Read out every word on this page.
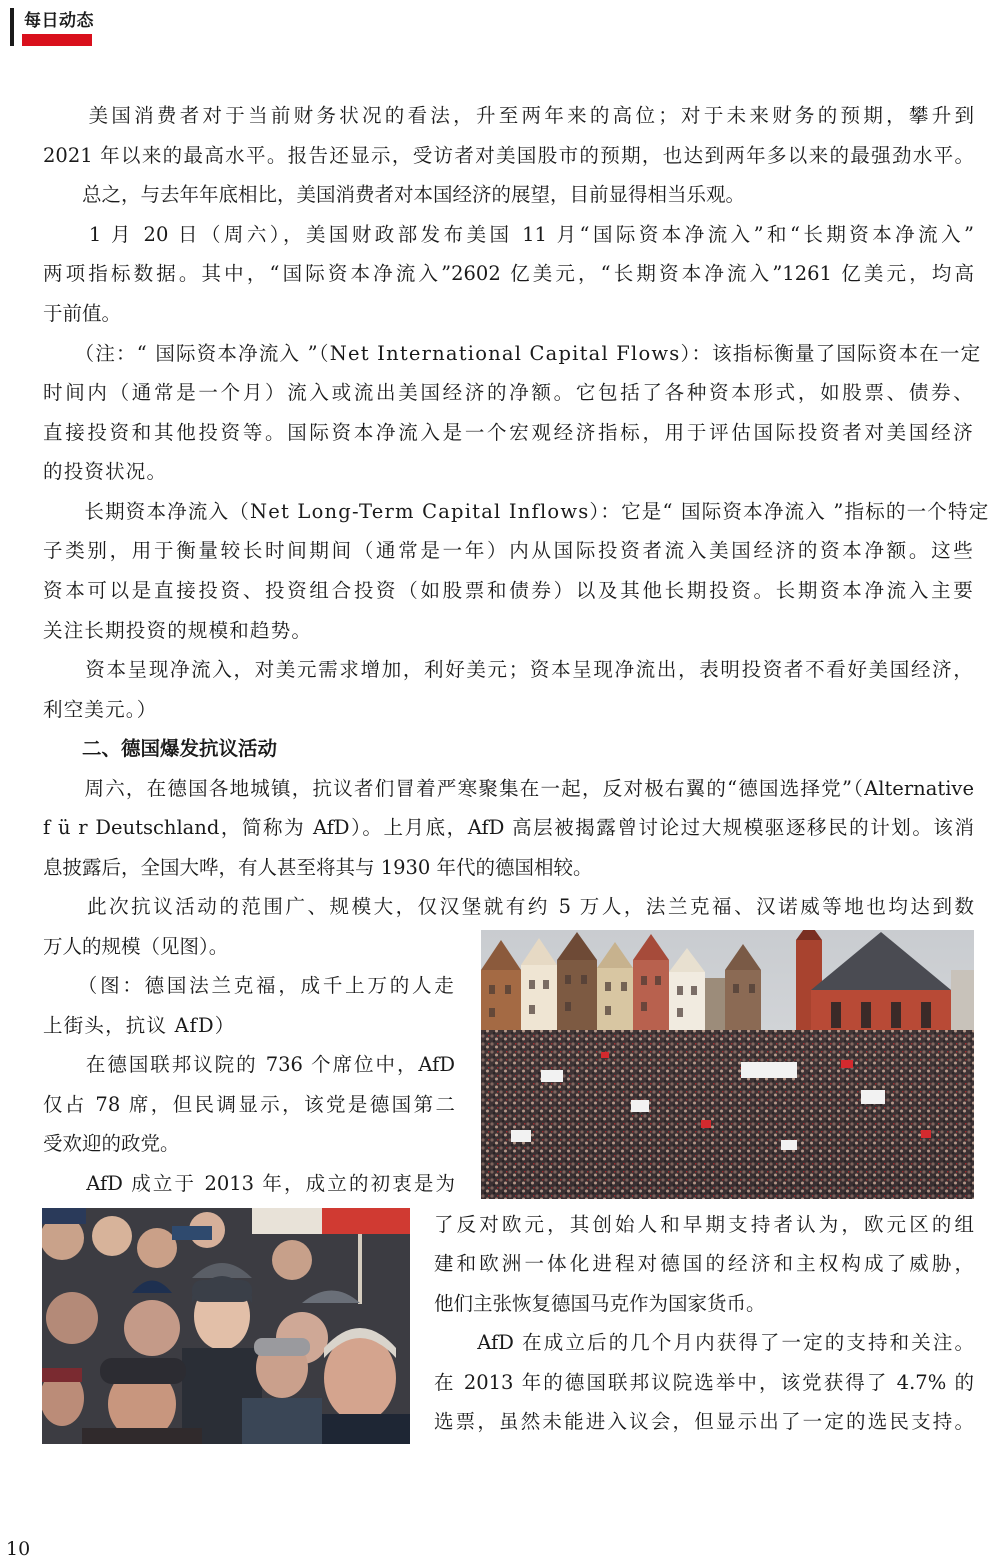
每日动态
　　美国消费者对于当前财务状况的看法，升至两年来的高位；对于未来财务的预期，攀升到
2021 年以来的最高水平。报告还显示，受访者对美国股市的预期，也达到两年多以来的最强劲水平。
　　总之，与去年年底相比，美国消费者对本国经济的展望，目前显得相当乐观。
　　1 月 20 日（周六），美国财政部发布美国 11 月“国际资本净流入”和“长期资本净流入”
两项指标数据。其中，“国际资本净流入”2602 亿美元，“长期资本净流入”1261 亿美元，均高
于前值。
　　（注：“ 国际资本净流入 ”（Net International Capital Flows）：该指标衡量了国际资本在一定
时间内（通常是一个月）流入或流出美国经济的净额。它包括了各种资本形式，如股票、债券、
直接投资和其他投资等。国际资本净流入是一个宏观经济指标，用于评估国际投资者对美国经济
的投资状况。
　　长期资本净流入（Net Long-Term Capital Inflows）：它是“ 国际资本净流入 ”指标的一个特定
子类别，用于衡量较长时间期间（通常是一年）内从国际投资者流入美国经济的资本净额。这些
资本可以是直接投资、投资组合投资（如股票和债券）以及其他长期投资。长期资本净流入主要
关注长期投资的规模和趋势。
　　资本呈现净流入，对美元需求增加，利好美元；资本呈现净流出，表明投资者不看好美国经济，
利空美元。）
　　二、德国爆发抗议活动
　　周六，在德国各地城镇，抗议者们冒着严寒聚集在一起，反对极右翼的“德国选择党”（Alternative
f ü r Deutschland，简称为 AfD）。上月底，AfD 高层被揭露曾讨论过大规模驱逐移民的计划。该消
息披露后，全国大哗，有人甚至将其与 1930 年代的德国相较。
　　此次抗议活动的范围广、规模大，仅汉堡就有约 5 万人，法兰克福、汉诺威等地也均达到数
万人的规模（见图）。
　　（图：德国法兰克福，成千上万的人走
上街头，抗议 AfD）
　　在德国联邦议院的 736 个席位中，AfD
仅占 78 席，但民调显示，该党是德国第二
受欢迎的政党。
　　AfD 成立于 2013 年，成立的初衷是为
了反对欧元，其创始人和早期支持者认为，欧元区的组
建和欧洲一体化进程对德国的经济和主权构成了威胁，
他们主张恢复德国马克作为国家货币。
　　AfD 在成立后的几个月内获得了一定的支持和关注。
在 2013 年的德国联邦议院选举中，该党获得了 4.7% 的
选票，虽然未能进入议会，但显示出了一定的选民支持。
10
